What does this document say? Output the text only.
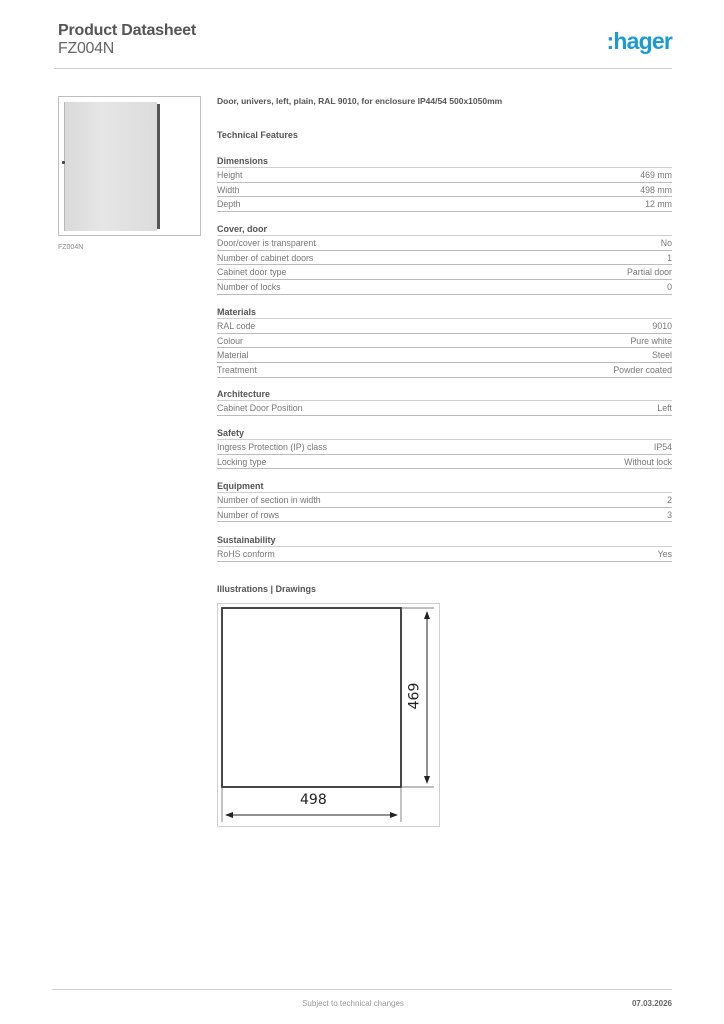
Product Datasheet
FZ004N	:hager
FZ004N
Door, univers, left, plain, RAL 9010, for enclosure IP44/54 500x1050mm
Technical Features
Dimensions
Height	469 mm
Width	498 mm
Depth	12 mm
Cover, door
Door/cover is transparent	No
Number of cabinet doors	1
Cabinet door type	Partial door
Number of locks	0
Materials
RAL code	9010
Colour	Pure white
Material	Steel
Treatment	Powder coated
Architecture
Cabinet Door Position	Left
Safety
Ingress Protection (IP) class	IP54
Locking type	Without lock
Equipment
Number of section in width	2
Number of rows	3
Sustainability
RoHS conform	Yes
Illustrations | Drawings
498
469
Subject to technical changes	07.03.2026
